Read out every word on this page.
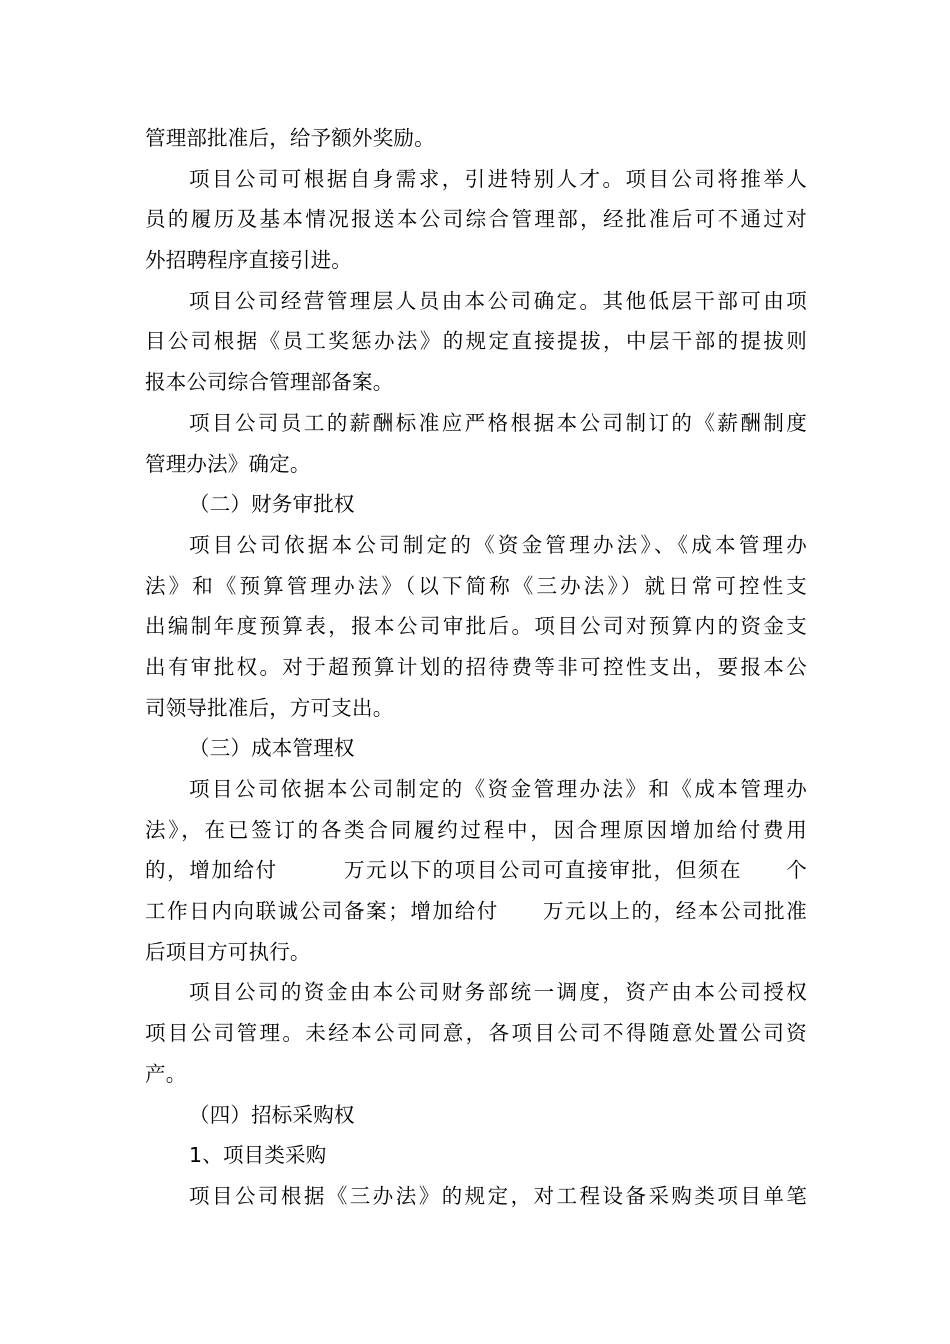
管理部批准后，给予额外奖励。
项目公司可根据自身需求，引进特别人才。项目公司将推举人
员的履历及基本情况报送本公司综合管理部，经批准后可不通过对
外招聘程序直接引进。
项目公司经营管理层人员由本公司确定。其他低层干部可由项
目公司根据《员工奖惩办法》的规定直接提拔，中层干部的提拔则
报本公司综合管理部备案。
项目公司员工的薪酬标准应严格根据本公司制订的《薪酬制度
管理办法》确定。
（二）财务审批权
项目公司依据本公司制定的《资金管理办法》、《成本管理办
法》和《预算管理办法》（以下简称《三办法》）就日常可控性支
出编制年度预算表，报本公司审批后。项目公司对预算内的资金支
出有审批权。对于超预算计划的招待费等非可控性支出，要报本公
司领导批准后，方可支出。
（三）成本管理权
项目公司依据本公司制定的《资金管理办法》和《成本管理办
法》，在已签订的各类合同履约过程中，因合理原因增加给付费用
的，增加给付　　　万元以下的项目公司可直接审批，但须在　　个
工作日内向联诚公司备案；增加给付　　万元以上的，经本公司批准
后项目方可执行。
项目公司的资金由本公司财务部统一调度，资产由本公司授权
项目公司管理。未经本公司同意，各项目公司不得随意处置公司资
产。
（四）招标采购权
1、项目类采购
项目公司根据《三办法》的规定，对工程设备采购类项目单笔
